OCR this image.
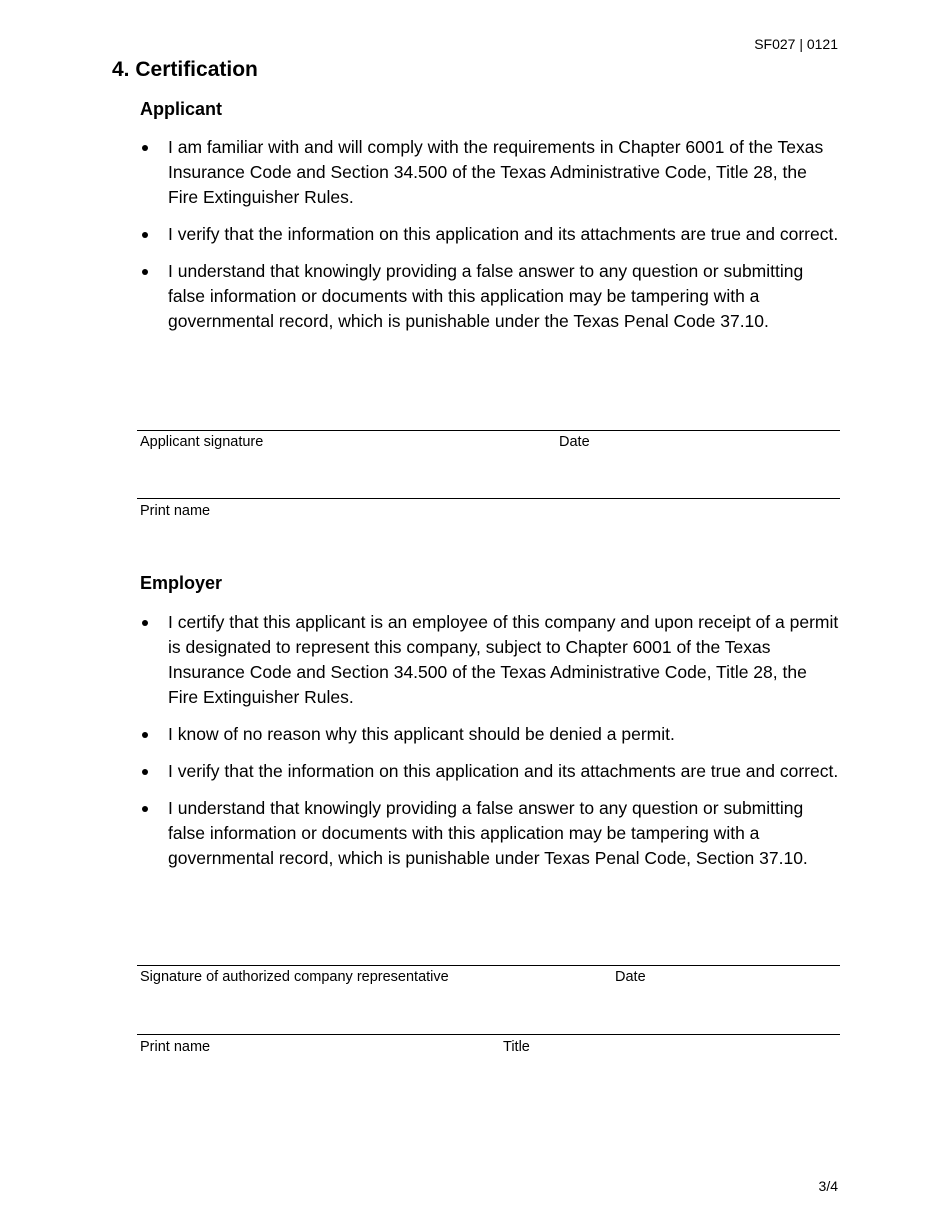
SF027 | 0121
4. Certification
Applicant
I am familiar with and will comply with the requirements in Chapter 6001 of the Texas Insurance Code and Section 34.500 of the Texas Administrative Code, Title 28, the Fire Extinguisher Rules.
I verify that the information on this application and its attachments are true and correct.
I understand that knowingly providing a false answer to any question or submitting false information or documents with this application may be tampering with a governmental record, which is punishable under the Texas Penal Code 37.10.
Applicant signature	Date
Print name
Employer
I certify that this applicant is an employee of this company and upon receipt of a permit is designated to represent this company, subject to Chapter 6001 of the Texas Insurance Code and Section 34.500 of the Texas Administrative Code, Title 28, the Fire Extinguisher Rules.
I know of no reason why this applicant should be denied a permit.
I verify that the information on this application and its attachments are true and correct.
I understand that knowingly providing a false answer to any question or submitting false information or documents with this application may be tampering with a governmental record, which is punishable under Texas Penal Code, Section 37.10.
Signature of authorized company representative	Date
Print name	Title
3/4
